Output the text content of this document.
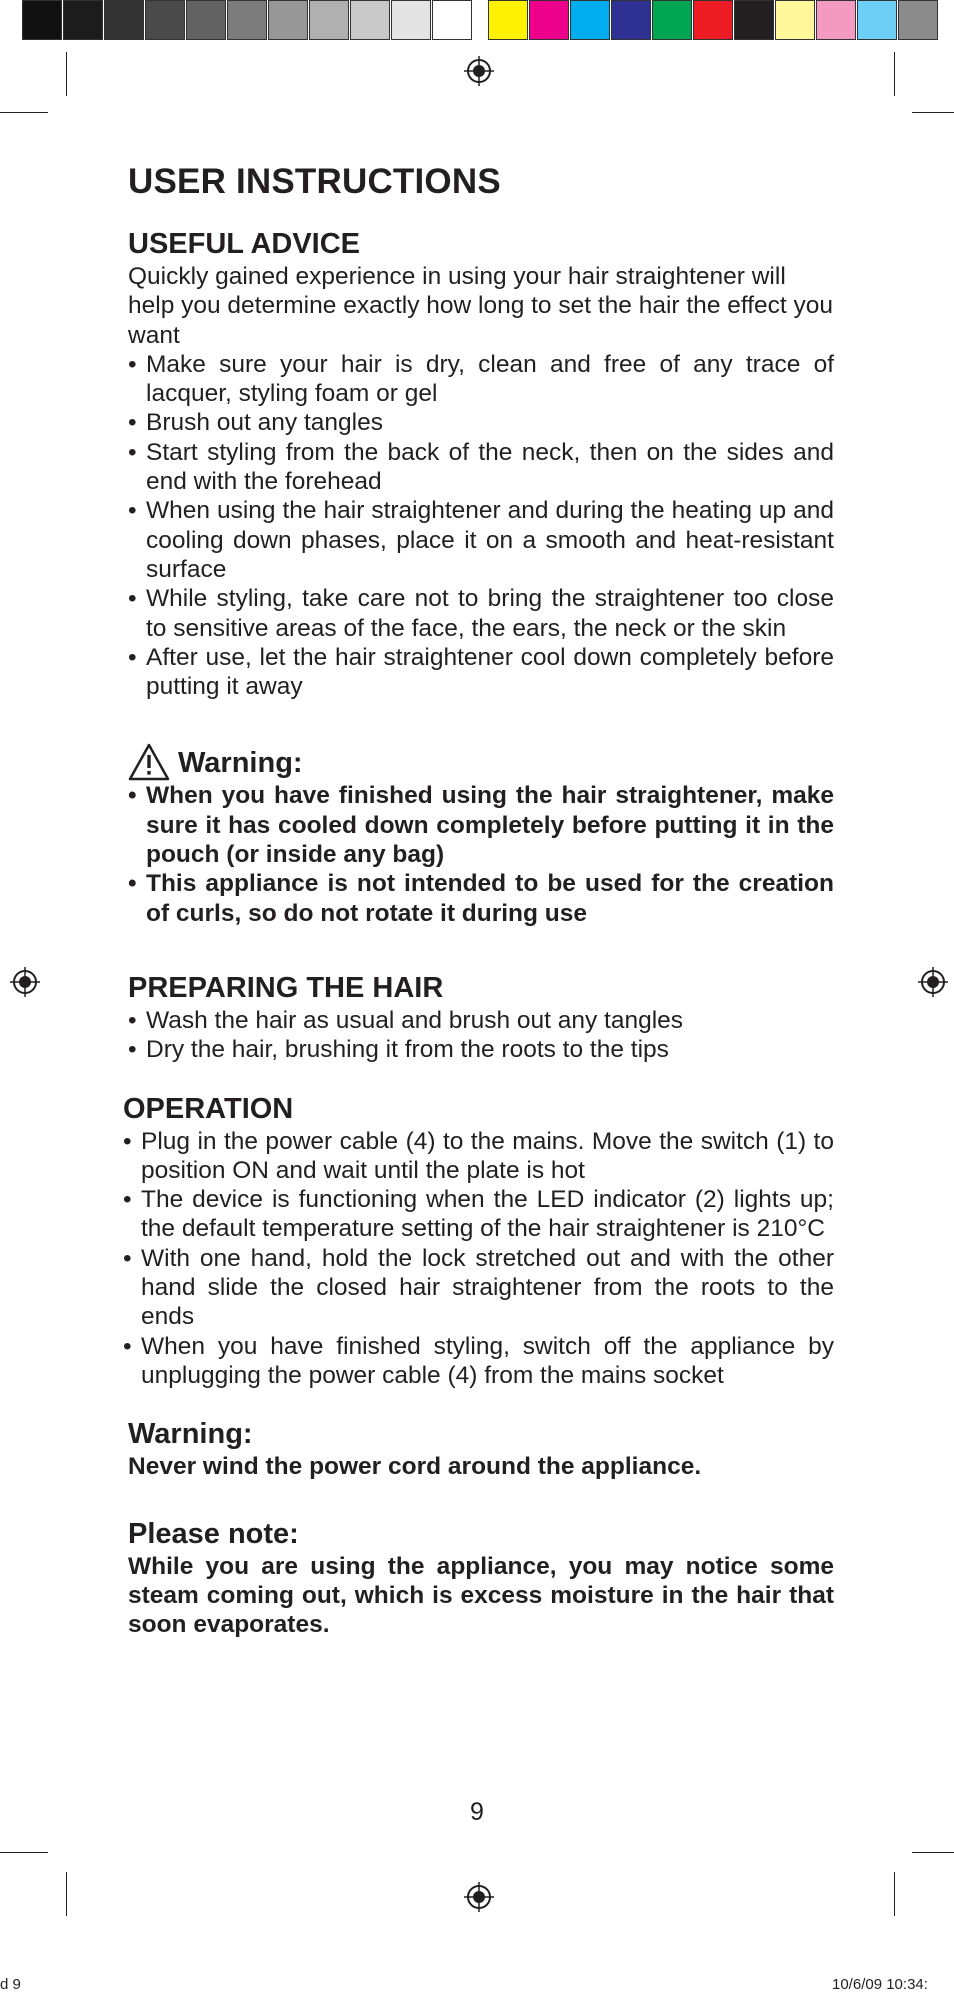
USER INSTRUCTIONS
USEFUL ADVICE

Quickly gained experience in using your hair straightener will help you determine exactly how long to set the hair the effect you want

• Make sure your hair is dry, clean and free of any trace of lacquer, styling foam or gel
• Brush out any tangles
• Start styling from the back of the neck, then on the sides and end with the forehead
• When using the hair straightener and during the heating up and cooling down phases, place it on a smooth and heat-resistant surface
• While styling, take care not to bring the straightener too close to sensitive areas of the face, the ears, the neck or the skin
• After use, let the hair straightener cool down completely before putting it away
Warning:
• When you have finished using the hair straightener, make sure it has cooled down completely before putting it in the pouch (or inside any bag)
• This appliance is not intended to be used for the creation of curls, so do not rotate it during use
PREPARING THE HAIR
• Wash the hair as usual and brush out any tangles
• Dry the hair, brushing it from the roots to the tips
OPERATION
• Plug in the power cable (4) to the mains. Move the switch (1) to position ON and wait until the plate is hot
• The device is functioning when the LED indicator (2) lights up; the default temperature setting of the hair straightener is 210°C
• With one hand, hold the lock stretched out and with the other hand slide the closed hair straightener from the roots to the ends
• When you have finished styling, switch off the appliance by unplugging the power cable (4) from the mains socket
Warning:

Never wind the power cord around the appliance.

Please note:

While you are using the appliance, you may notice some steam coming out, which is excess moisture in the hair that soon evaporates.

9
d 9	10/6/09 10:34:
